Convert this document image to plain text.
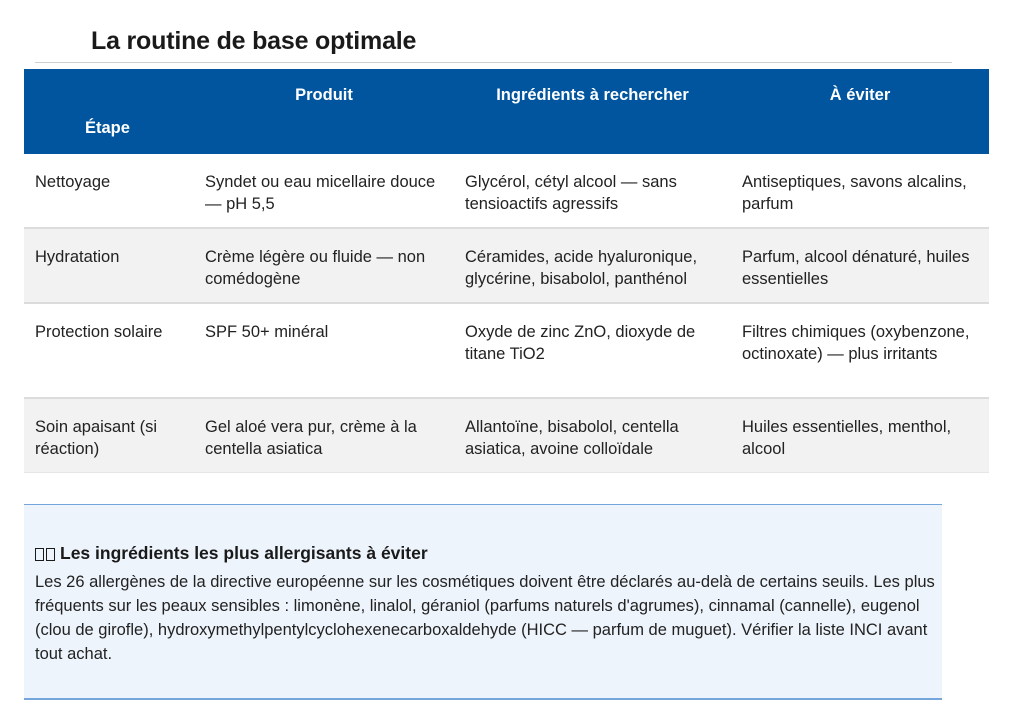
La routine de base optimale
Étape	Produit	Ingrédients à rechercher	À éviter
Nettoyage	Syndet ou eau micellaire douce — pH 5,5	Glycérol, cétyl alcool — sans tensioactifs agressifs	Antiseptiques, savons alcalins, parfum
Hydratation	Crème légère ou fluide — non comédogène	Céramides, acide hyaluronique, glycérine, bisabolol, panthénol	Parfum, alcool dénaturé, huiles essentielles
Protection solaire	SPF 50+ minéral	Oxyde de zinc ZnO, dioxyde de titane TiO2	Filtres chimiques (oxybenzone, octinoxate) — plus irritants
Soin apaisant (si réaction)	Gel aloé vera pur, crème à la centella asiatica	Allantoïne, bisabolol, centella asiatica, avoine colloïdale	Huiles essentielles, menthol, alcool
Les ingrédients les plus allergisants à éviter

Les 26 allergènes de la directive européenne sur les cosmétiques doivent être déclarés au-delà de certains seuils. Les plus fréquents sur les peaux sensibles : limonène, linalol, géraniol (parfums naturels d'agrumes), cinnamal (cannelle), eugenol (clou de girofle), hydroxymethylpentylcyclohexenecarboxaldehyde (HICC — parfum de muguet). Vérifier la liste INCI avant tout achat.
